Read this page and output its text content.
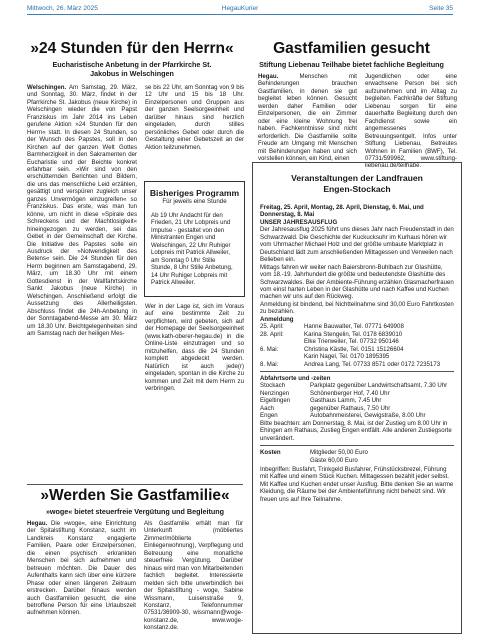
Mittwoch, 26. März 2025	HegauKurier	Seite 35
»24 Stunden für den Herrn«
Eucharistische Anbetung in der Pfarrkirche St. Jakobus in Welschingen

Welschingen. Am Samstag, 29. März, und Sonntag, 30. März, findet in der Pfarrkirche St. Jakobus (neue Kirche) in Welschingen wieder die von Papst Franziskus im Jahr 2014 ins Leben gerufene Aktion »24 Stunden für den Herrn« statt. In diesen 24 Stunden, so der Wunsch des Papstes, soll in den Kirchen auf der ganzen Welt Gottes Barmherzigkeit in den Sakramenten der Eucharistie und der Beichte konkret erfahrbar sein. »Wir sind von den erschütternden Berichten und Bildern, die uns das menschliche Leid erzählen, gesättigt und verspüren zugleich unser ganzes Unvermögen einzugreifen« so Franziskus. Das erste, was man tun könne, um nicht in diese »Spirale des Schreckens und der Machtlosigkeit« hineingezogen zu werden, sei das Gebet in der Gemeinschaft der Kirche. Die Initiative des Papstes solle ein Ausdruck der »Notwendigkeit des Betens« sein. Die 24 Stunden für den Herrn beginnen am Samstagabend, 29. März, um 18.30 Uhr mit einem Gottesdienst in der Wallfahrtskirche Sankt Jakobus (neue Kirche) in Welschingen. Anschließend erfolgt die Aussetzung des Allerheiligsten. Abschluss findet die 24h-Anbetung in der Sonntagabend-Messe am 30. März um 18.30 Uhr. Beichtgelegenheiten sind am Samstag nach der heiligen Mes-

se bis 22 Uhr, am Sonntag von 9 bis 12 Uhr und 15 bis 18 Uhr. Einzelpersonen und Gruppen aus der ganzen Seelsorgeeinheit und darüber hinaus sind herzlich eingeladen, durch stilles persönliches Gebet oder durch die Gestaltung einer Gebetszeit an der Aktion teilzunehmen.

Bisheriges Programm
Für jeweils eine Stunde
Ab 19 Uhr Andacht für den Frieden, 21 Uhr Lobpreis und Impulse - gestaltet von den Ministranten Engen und Welschingen, 22 Uhr Ruhiger Lobpreis mit Patrick Allweiler, am Sonntag 0 Uhr Stille Stunde, 8 Uhr Stille Anbetung, 14 Uhr Ruhiger Lobpreis mit Patrick Allweiler.

Wer in der Lage ist, sich im Voraus auf eine bestimmte Zeit zu verpflichten, wird gebeten, sich auf der Homepage der Seelsorgeeinheit (www.kath-oberer-hegau.de) in die Online-Liste einzutragen und so mitzuhelfen, dass die 24 Stunden komplett abgedeckt werden. Natürlich ist auch jede(r) eingeladen, spontan in die Kirche zu kommen und Zeit mit dem Herrn zu verbringen.

Gastfamilien gesucht
Stiftung Liebenau Teilhabe bietet fachliche Begleitung

Hegau. Menschen mit Behinderungen brauchen Gastfamilien, in denen sie gut begleitet leben können. Gesucht werden daher Familien oder Einzelpersonen, die ein Zimmer oder eine kleine Wohnung frei haben. Fachkenntnisse sind nicht erforderlich. Die Gastfamilie sollte Freude am Umgang mit Menschen mit Behinderungen haben und sich vorstellen können, ein Kind, einen

Jugendlichen oder eine erwachsene Person bei sich aufzunehmen und im Alltag zu begleiten. Fachkräfte der Stiftung Liebenau sorgen für eine dauerhafte Begleitung durch den Fachdienst sowie ein angemessenes Betreuungsentgelt. Infos unter Stiftung Liebenau, Betreutes Wohnen in Familien (BWF), Tel. 07731/599962, www.stiftung-liebenau.de/teilhabe.

Veranstaltungen der Landfrauen Engen-Stockach

Freitag, 25. April, Montag, 28. April, Dienstag, 6. Mai, und Donnerstag, 8. Mai

UNSER JAHRESAUSFLUG

Der Jahresausflug 2025 führt uns dieses Jahr nach Freudenstadt in den Schwarzwald. Die Geschichte der Kuckucksuhr im Kurhaus hören wir vom Uhrmacher Michael Holz und der größte umbaute Marktplatz in Deutschland lädt zum anschließenden Mittagessen und Verweilen nach Belieben ein.

Mittags fahren wir weiter nach Baiersbronn-Buhlbach zur Glashütte, vom 18.-19. Jahrhundert die größte und bedeutendste Glashütte des Schwarzwaldes. Bei der Ambiente-Führung erzählen Glasmacherfrauen vom einst harten Leben in der Glashütte und nach Kaffee und Kuchen machen wir uns auf den Rückweg.

Anmeldung ist bindend, bei Nichtteilnahme sind 30,00 Euro Fahrtkosten zu bezahlen.

Anmeldung

25. April:	Hanne Bauwalter, Tel. 07771 649908
28. April:	Karina Stengelin, Tel. 0178 6839010
Elke Trierweiler, Tel. 07732 950146
6. Mai:	Christina Kästle, Tel. 0151 15126604
Karin Nagel, Tel. 0170 1895395
8. Mai:	Andrea Lang, Tel. 07733 8571 oder 0172 7235173

Abfahrtsorte und -zeiten

Stockach	Parkplatz gegenüber Landwirtschaftsamt, 7.30 Uhr
Nenzingen	Schönenberger Hof, 7.40 Uhr
Eigeltingen	Gasthaus Lamm, 7.45 Uhr
Aach	gegenüber Rathaus, 7.50 Uhr
Engen	Autobahnmeisterei, Gewigstraße, 8.00 Uhr

Bitte beachten: am Donnerstag, 8. Mai, ist der Zustieg um 8.00 Uhr in Ehingen am Rathaus, Zustieg Engen entfällt. Alle anderen Zustiegsorte unverändert.

Kosten	Mitglieder 50,00 Euro
Gäste 60,00 Euro

Inbegriffen: Busfahrt, Trinkgeld Busfahrer, Frühstücksbrezel, Führung mit Kaffee und einem Stück Kuchen. Mittagessen bezahlt jeder selbst.

Mit Kaffee und Kuchen endet unser Ausflug. Bitte denken Sie an warme Kleidung, die Räume bei der Ambienteführung nicht beheizt sind. Wir freuen uns auf Ihre Teilnahme.

»Werden Sie Gastfamilie«
»woge« bietet steuerfreie Vergütung und Begleitung

Hegau. Die »woge«, eine Einrichtung der Spitalstiftung Konstanz, sucht im Landkreis Konstanz engagierte Familien, Paare oder Einzelpersonen, die einen psychisch erkrankten Menschen bei sich aufnehmen und betreuen möchten. Die Dauer des Aufenthalts kann sich über eine kürzere Phase oder einen längeren Zeitraum erstrecken. Darüber hinaus werden auch Gastfamilien gesucht, die eine betroffene Person für eine Urlaubszeit aufnehmen können.

Als Gastfamilie erhält man für Unterkunft (möbliertes Zimmer/möblierte Einliegerwohnung), Verpflegung und Betreuung eine monatliche steuerfreie Vergütung. Darüber hinaus wird man von Mitarbeitenden fachlich begleitet. Interessierte melden sich bitte unverbindlich bei der Spitalstiftung - woge, Sabine Wissmann, Luisenstraße 9, Konstanz, Telefonnummer 07531/36909-30, wissmann@woge-konstanz.de, www.woge-konstanz.de.
